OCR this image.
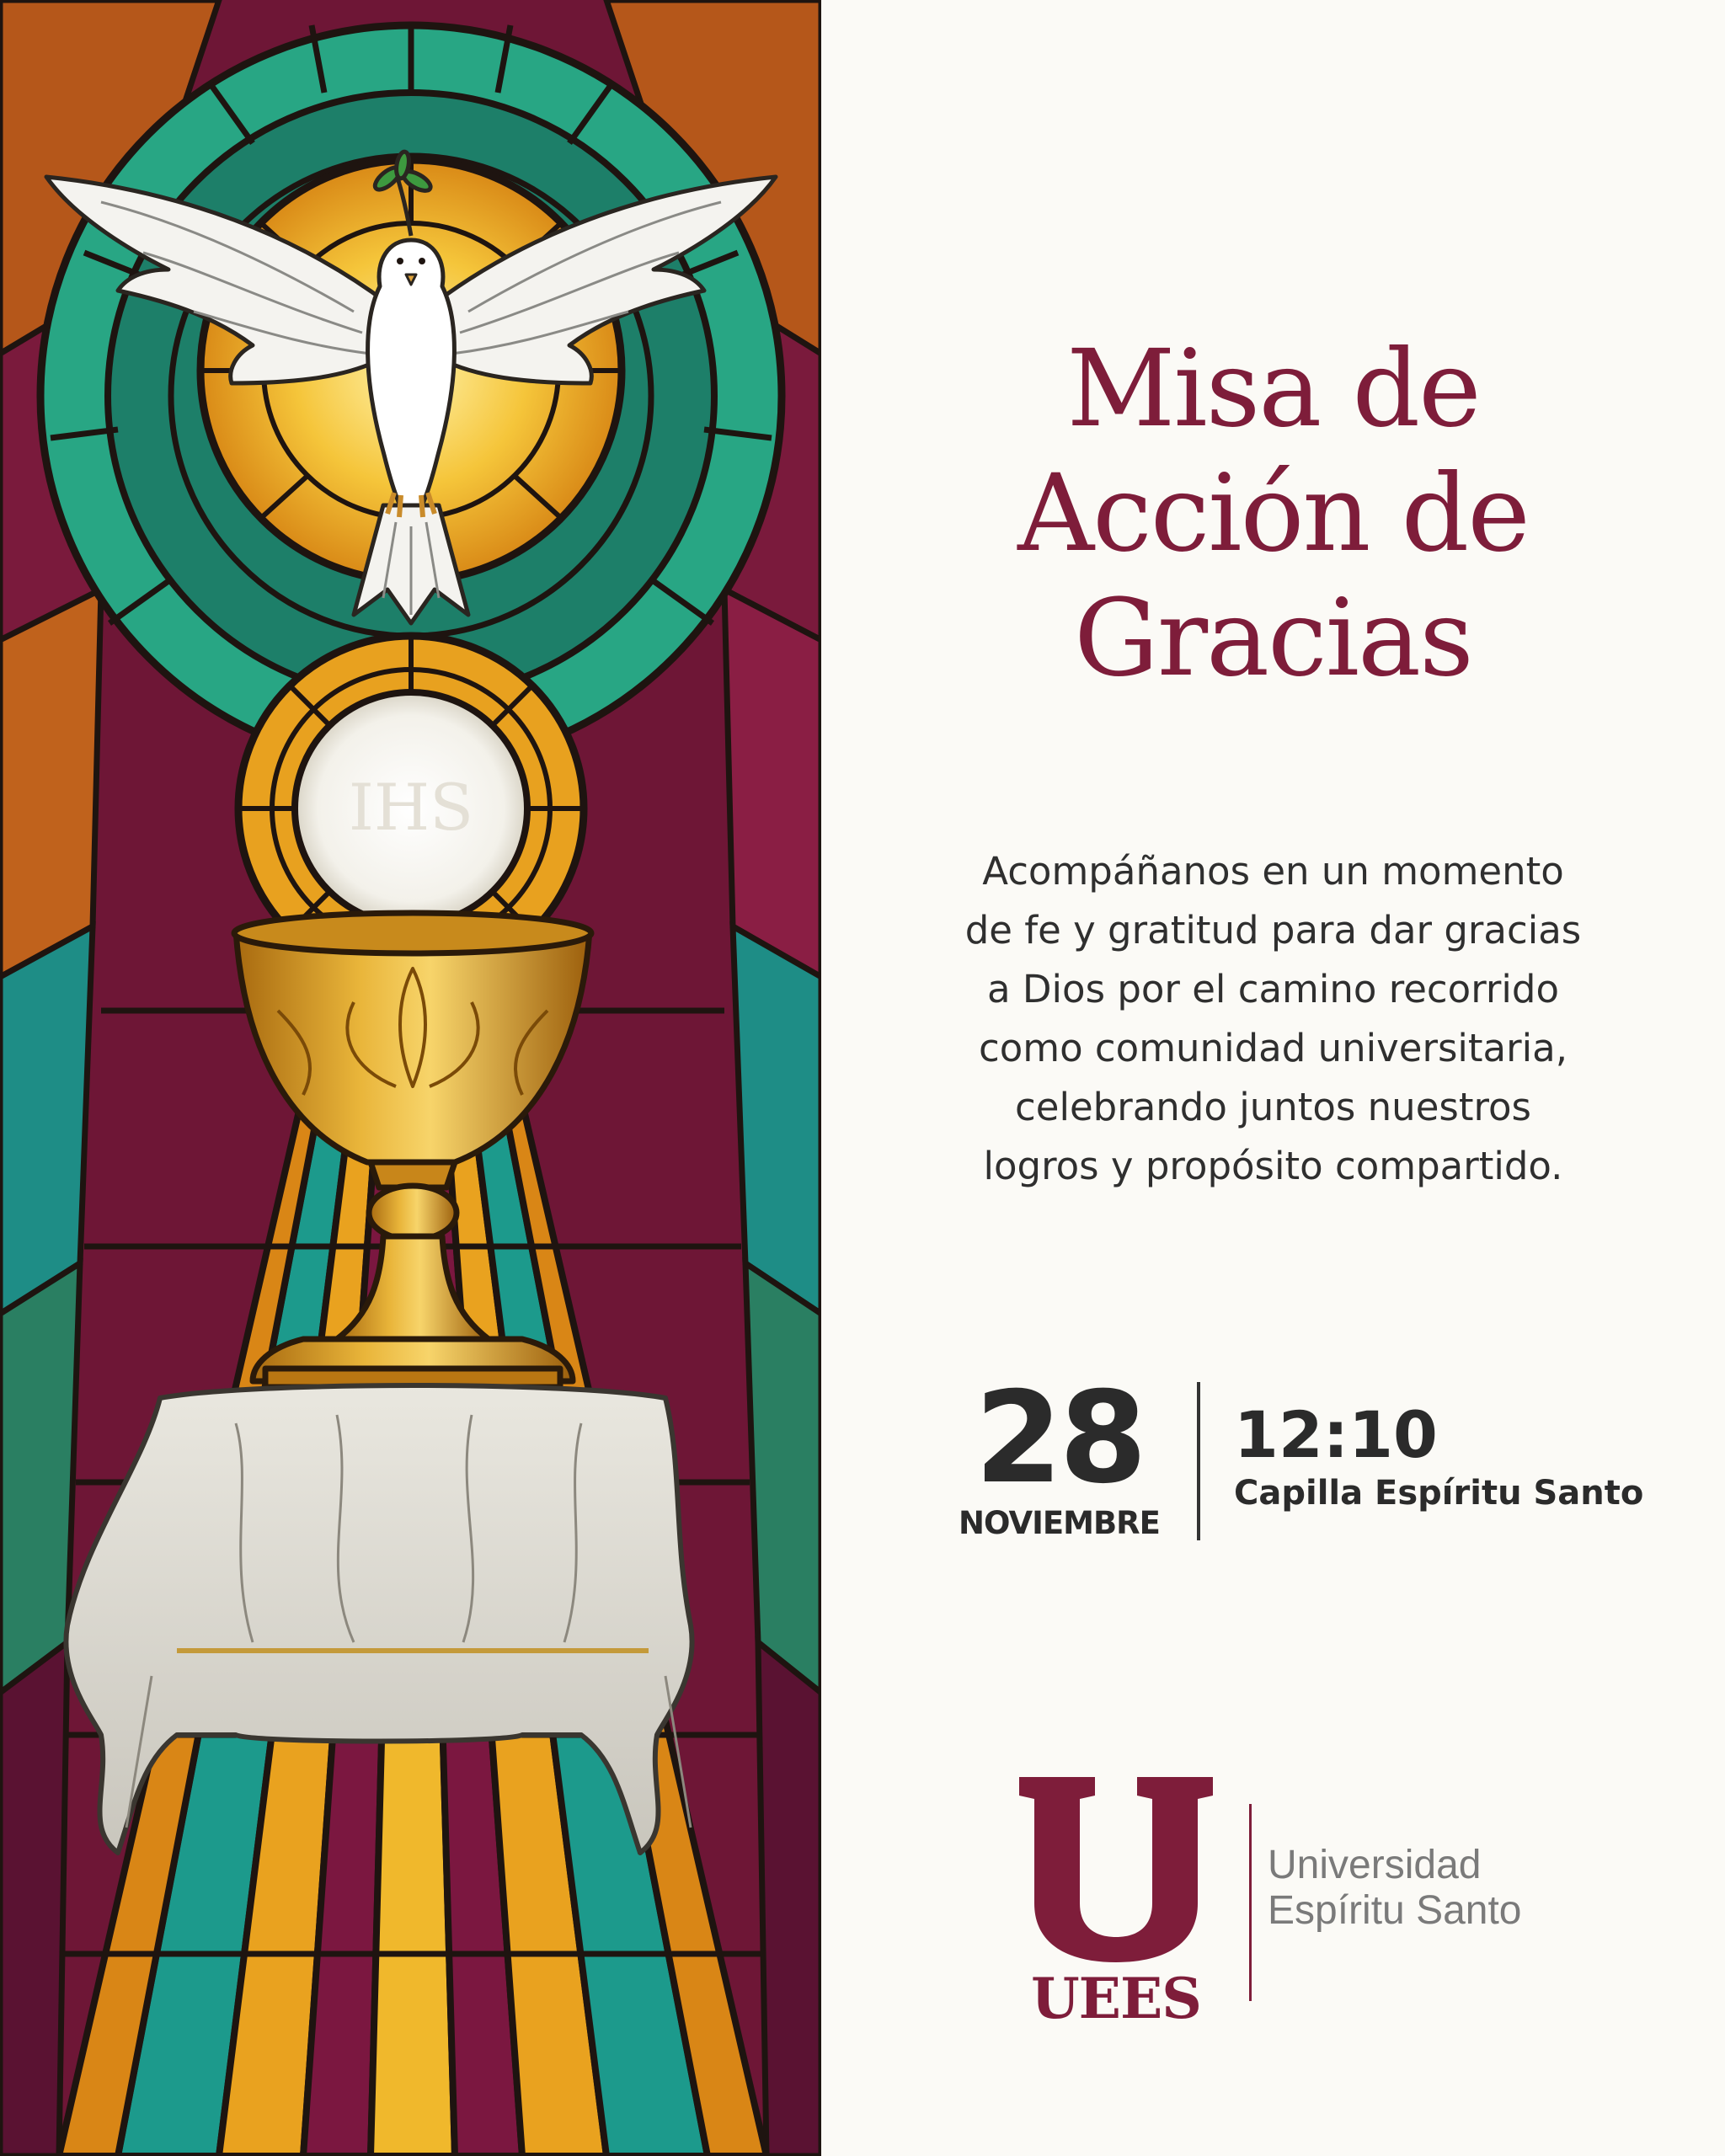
IHS
Misa de
Acción de
Gracias
Acompáñanos en un momento
de fe y gratitud para dar gracias
a Dios por el camino recorrido
como comunidad universitaria,
celebrando juntos nuestros
logros y propósito compartido.
28
NOVIEMBRE
12:10
Capilla Espíritu Santo
UEES
Universidad
Espíritu Santo
